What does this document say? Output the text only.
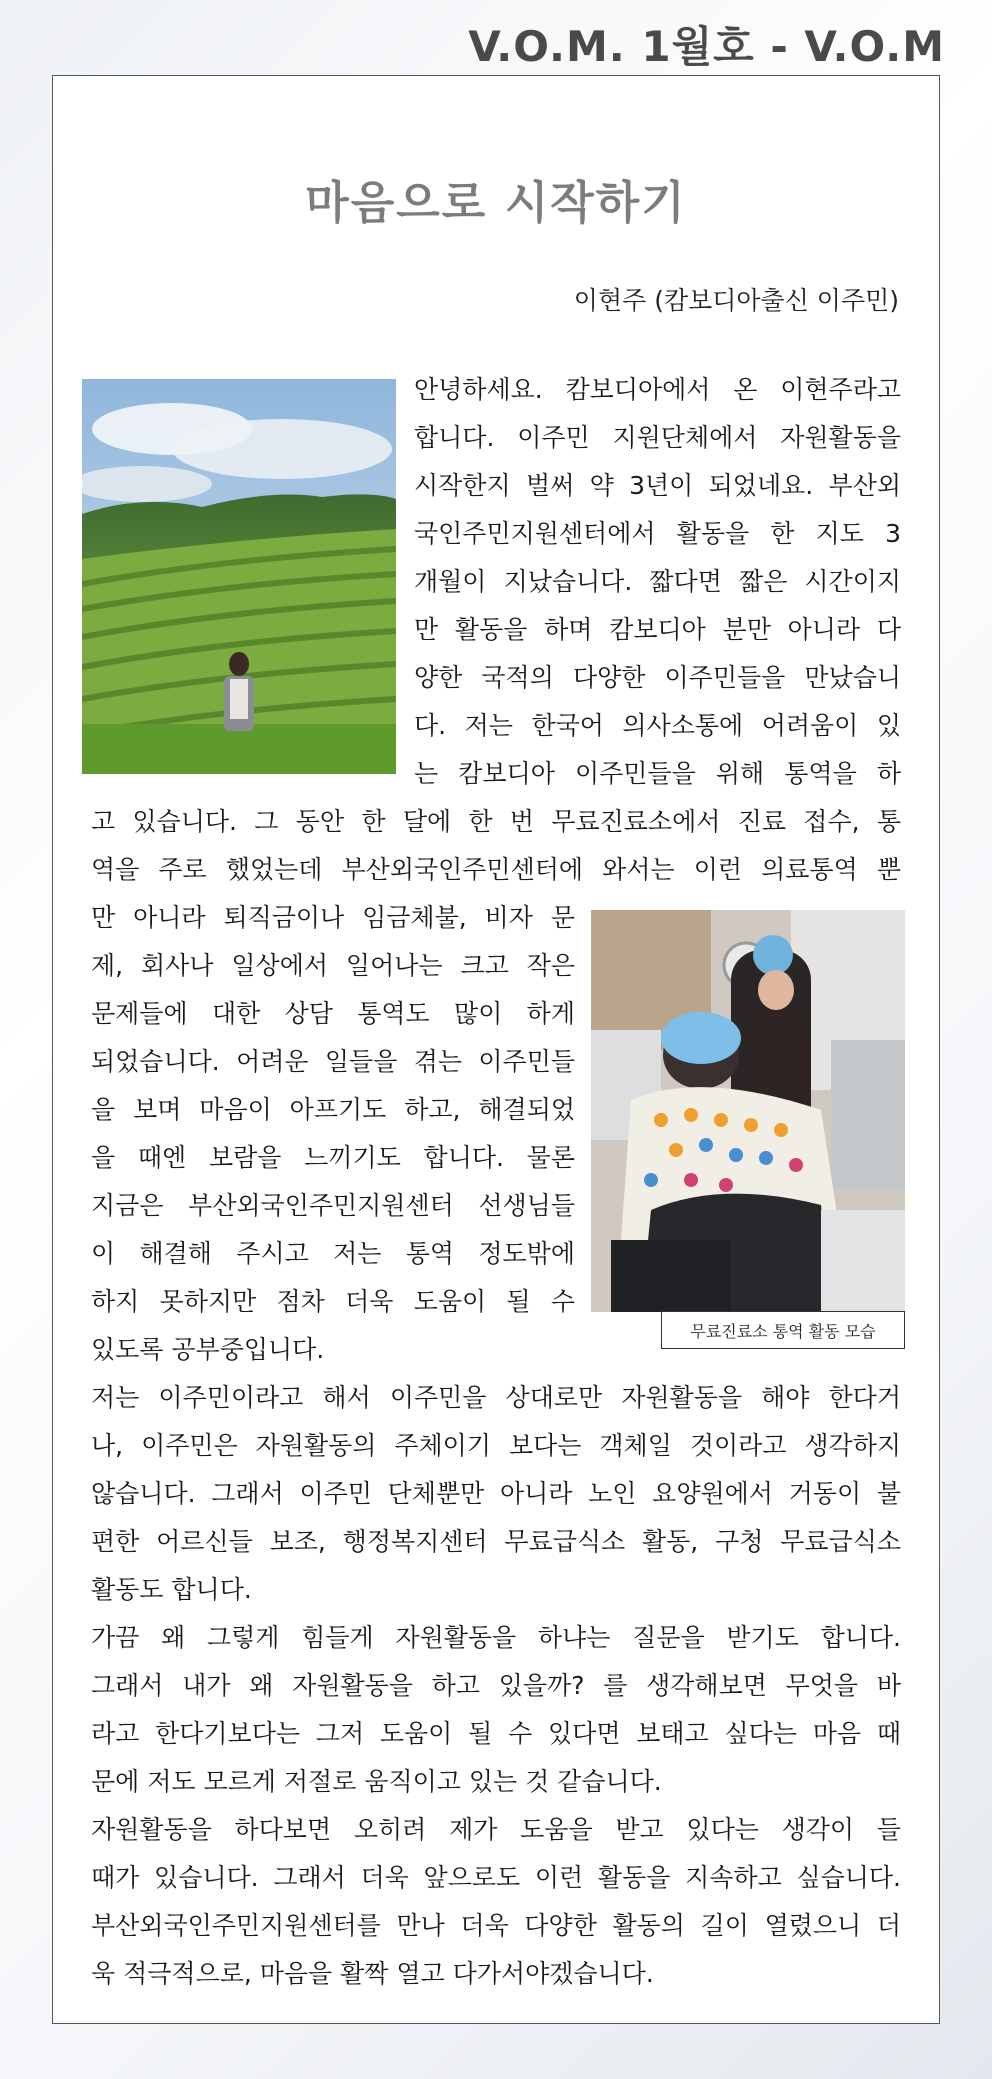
V.O.M. 1월호 - V.O.M
마음으로 시작하기
이현주 (캄보디아출신 이주민)
안녕하세요. 캄보디아에서 온 이현주라고
합니다. 이주민 지원단체에서 자원활동을
시작한지 벌써 약 3년이 되었네요. 부산외
국인주민지원센터에서 활동을 한 지도 3
개월이 지났습니다. 짧다면 짧은 시간이지
만 활동을 하며 캄보디아 분만 아니라 다
양한 국적의 다양한 이주민들을 만났습니
다. 저는 한국어 의사소통에 어려움이 있
는 캄보디아 이주민들을 위해 통역을 하
고 있습니다. 그 동안 한 달에 한 번 무료진료소에서 진료 접수, 통
역을 주로 했었는데 부산외국인주민센터에 와서는 이런 의료통역 뿐
만 아니라 퇴직금이나 임금체불, 비자 문
제, 회사나 일상에서 일어나는 크고 작은
문제들에 대한 상담 통역도 많이 하게
되었습니다. 어려운 일들을 겪는 이주민들
을 보며 마음이 아프기도 하고, 해결되었
을 때엔 보람을 느끼기도 합니다. 물론
지금은 부산외국인주민지원센터 선생님들
이 해결해 주시고 저는 통역 정도밖에
하지 못하지만 점차 더욱 도움이 될 수
있도록 공부중입니다.
무료진료소 통역 활동 모습
저는 이주민이라고 해서 이주민을 상대로만 자원활동을 해야 한다거
나, 이주민은 자원활동의 주체이기 보다는 객체일 것이라고 생각하지
않습니다. 그래서 이주민 단체뿐만 아니라 노인 요양원에서 거동이 불
편한 어르신들 보조, 행정복지센터 무료급식소 활동, 구청 무료급식소
활동도 합니다.
가끔 왜 그렇게 힘들게 자원활동을 하냐는 질문을 받기도 합니다.
그래서 내가 왜 자원활동을 하고 있을까? 를 생각해보면 무엇을 바
라고 한다기보다는 그저 도움이 될 수 있다면 보태고 싶다는 마음 때
문에 저도 모르게 저절로 움직이고 있는 것 같습니다.
자원활동을 하다보면 오히려 제가 도움을 받고 있다는 생각이 들
때가 있습니다. 그래서 더욱 앞으로도 이런 활동을 지속하고 싶습니다.
부산외국인주민지원센터를 만나 더욱 다양한 활동의 길이 열렸으니 더
욱 적극적으로, 마음을 활짝 열고 다가서야겠습니다.
